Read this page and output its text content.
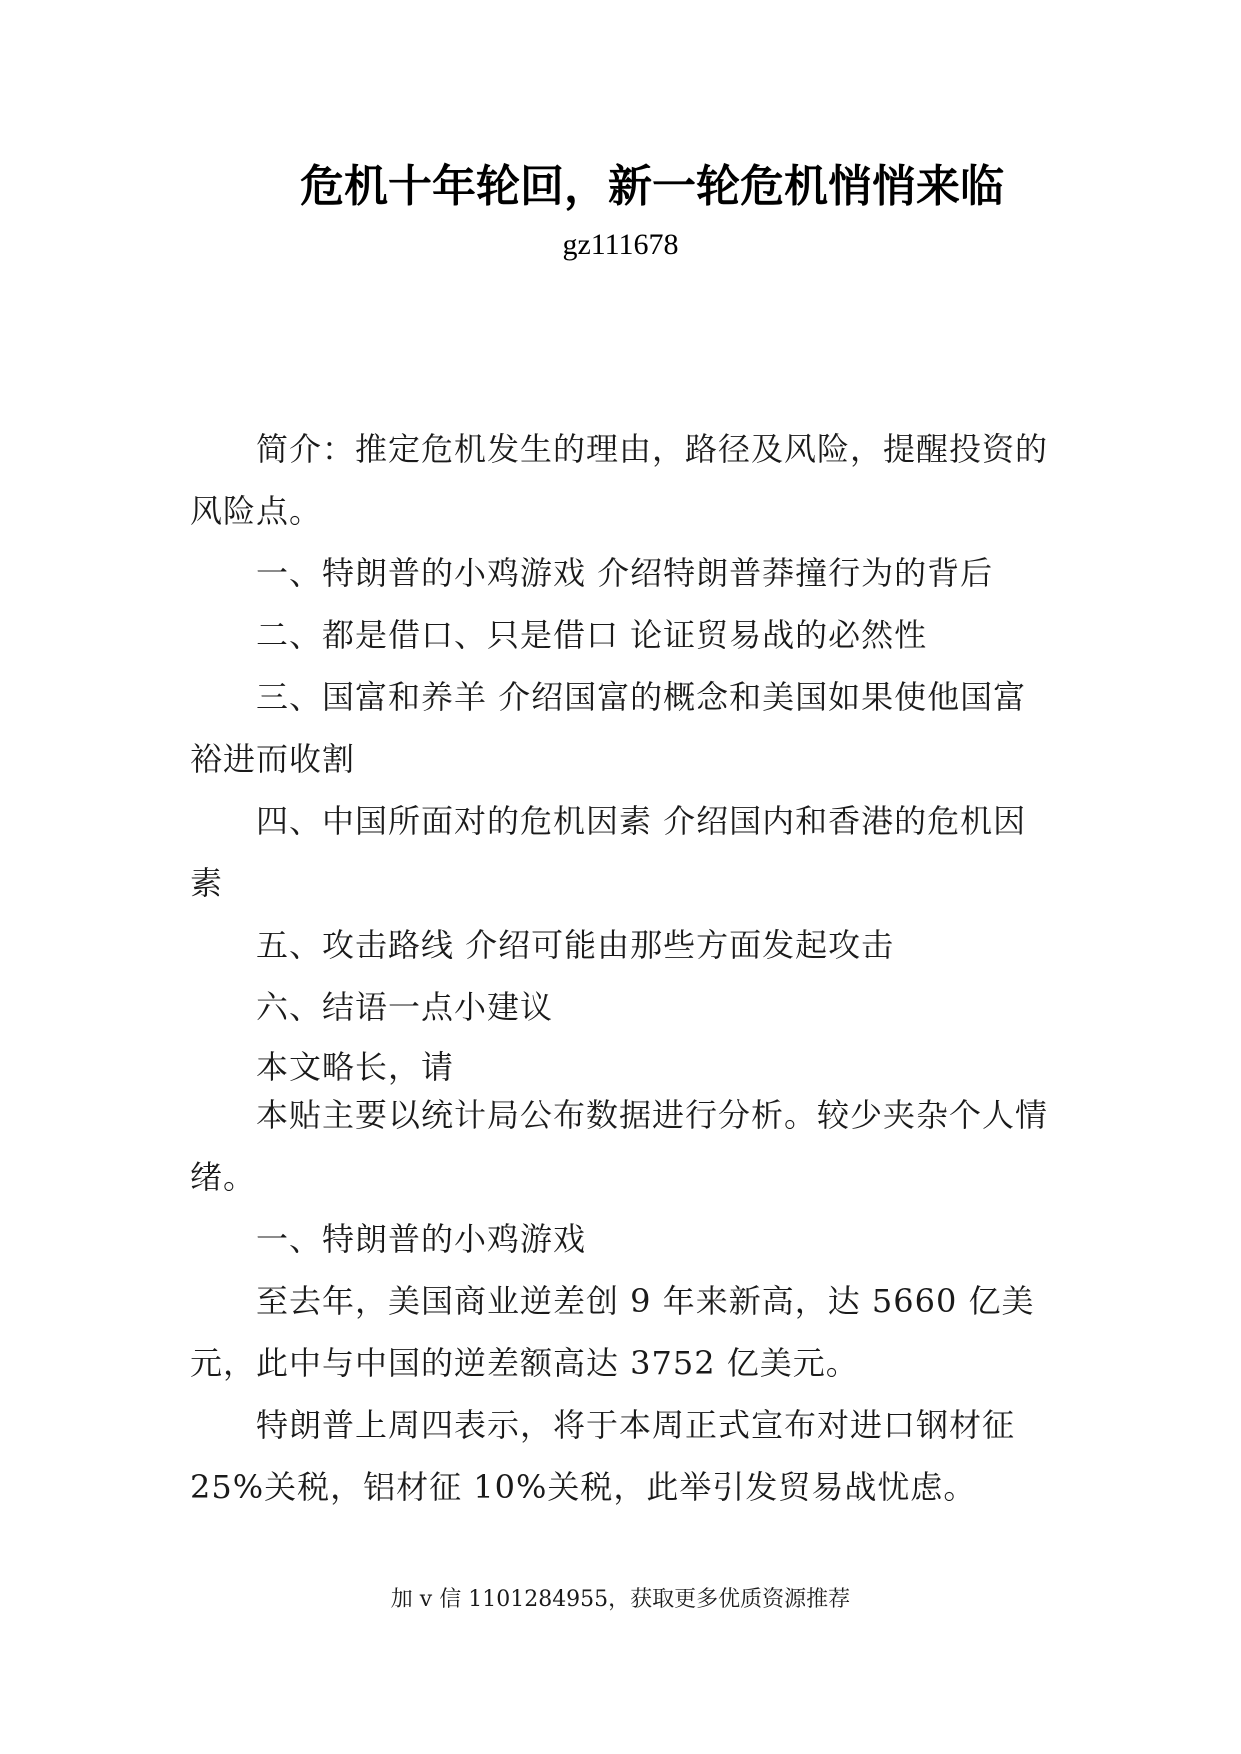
危机十年轮回，新一轮危机悄悄来临
gz111678

简介：推定危机发生的理由，路径及风险，提醒投资的风险点。

一、特朗普的小鸡游戏 介绍特朗普莽撞行为的背后

二、都是借口、只是借口 论证贸易战的必然性

三、国富和养羊 介绍国富的概念和美国如果使他国富裕进而收割

四、中国所面对的危机因素 介绍国内和香港的危机因素

五、攻击路线 介绍可能由那些方面发起攻击

六、结语一点小建议

本文略长，请

本贴主要以统计局公布数据进行分析。较少夹杂个人情绪。

一、特朗普的小鸡游戏

至去年，美国商业逆差创 9 年来新高，达 5660 亿美元，此中与中国的逆差额高达 3752 亿美元。

特朗普上周四表示，将于本周正式宣布对进口钢材征 25%关税，铝材征 10%关税，此举引发贸易战忧虑。

加 v 信 1101284955，获取更多优质资源推荐
